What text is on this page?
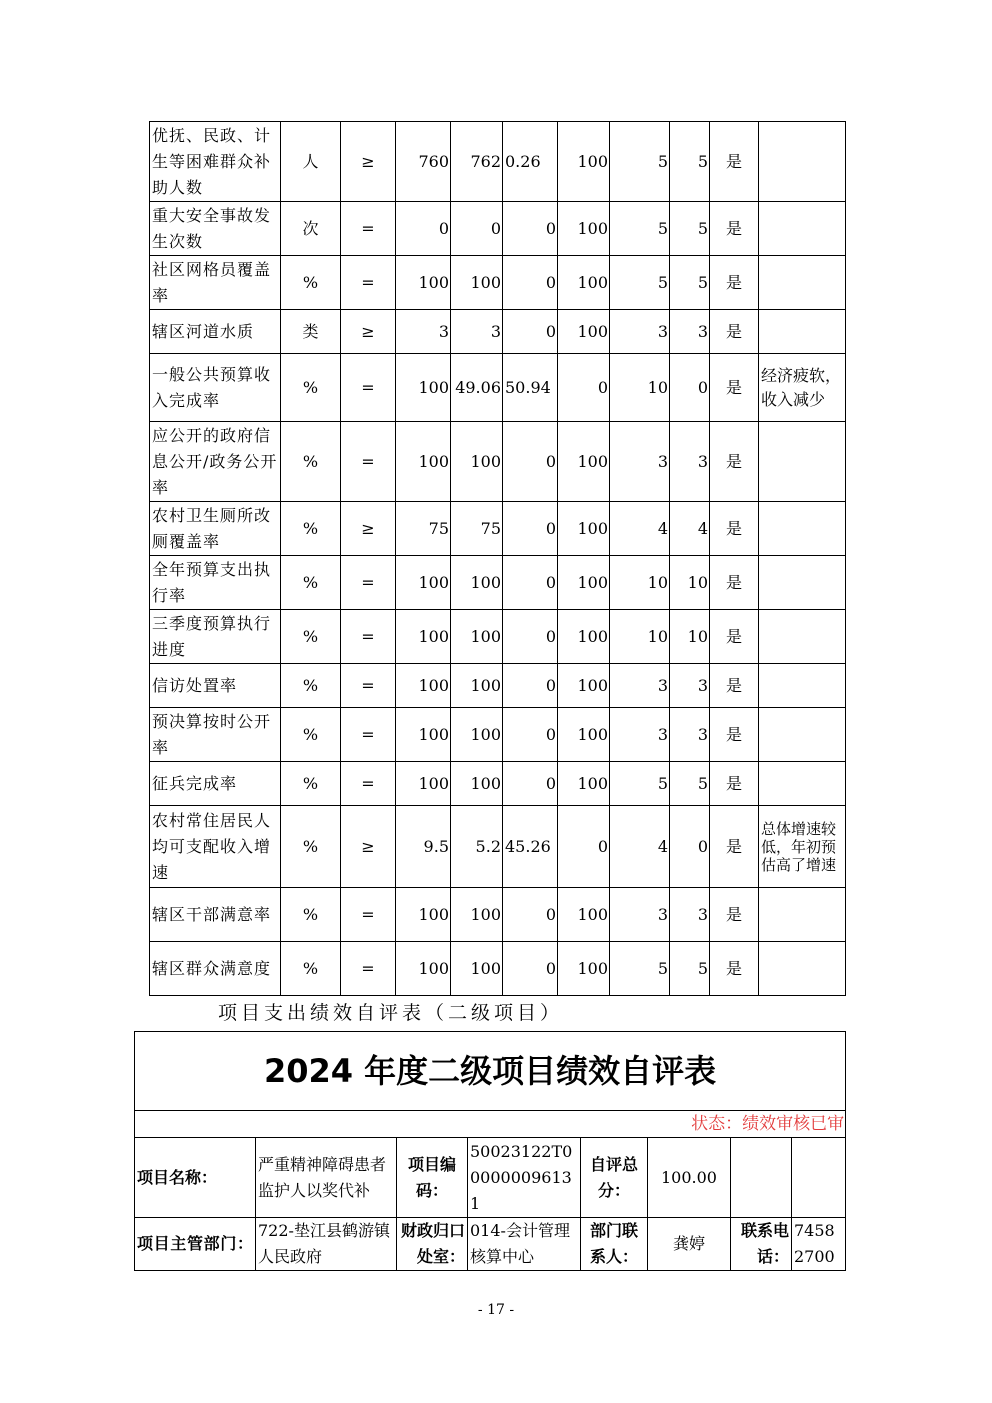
优抚、民政、计生等困难群众补助人数	人	≥	760	762	0.26	100	5	5	是	
重大安全事故发生次数	次	=	0	0	0	100	5	5	是	
社区网格员覆盖率	%	=	100	100	0	100	5	5	是	
辖区河道水质	类	≥	3	3	0	100	3	3	是	
一般公共预算收入完成率	%	=	100	49.06	50.94	0	10	0	是	经济疲软，收入减少
应公开的政府信息公开/政务公开率	%	=	100	100	0	100	3	3	是	
农村卫生厕所改厕覆盖率	%	≥	75	75	0	100	4	4	是	
全年预算支出执行率	%	=	100	100	0	100	10	10	是	
三季度预算执行进度	%	=	100	100	0	100	10	10	是	
信访处置率	%	=	100	100	0	100	3	3	是	
预决算按时公开率	%	=	100	100	0	100	3	3	是	
征兵完成率	%	=	100	100	0	100	5	5	是	
农村常住居民人均可支配收入增速	%	≥	9.5	5.2	45.26	0	4	0	是	总体增速较低，年初预估高了增速
辖区干部满意率	%	=	100	100	0	100	3	3	是	
辖区群众满意度	%	=	100	100	0	100	5	5	是	
项目支出绩效自评表（二级项目）
2024 年度二级项目绩效自评表							
状态：绩效审核已审							
项目名称：	严重精神障碍患者监护人以奖代补	项目编码：	50023122T000000096131	自评总分：	100.00		
项目主管部门：	722-垫江县鹤游镇人民政府	财政归口处室：	014-会计管理核算中心	部门联系人：	龚婷	联系电话：	74582700
- 17 -
